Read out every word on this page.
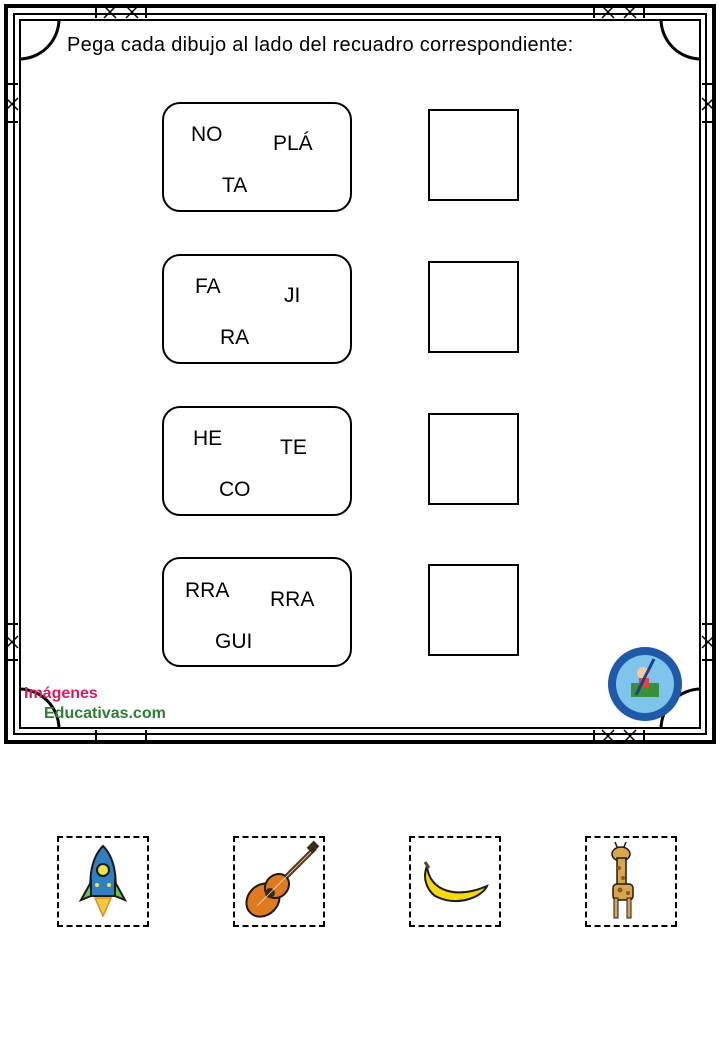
Pega cada dibujo al lado del recuadro correspondiente:
NO PLÁ
TA
FA	JI
RA
HE	TE
CO
RRA RRA
GUI
Imágenes
Educativas.com
